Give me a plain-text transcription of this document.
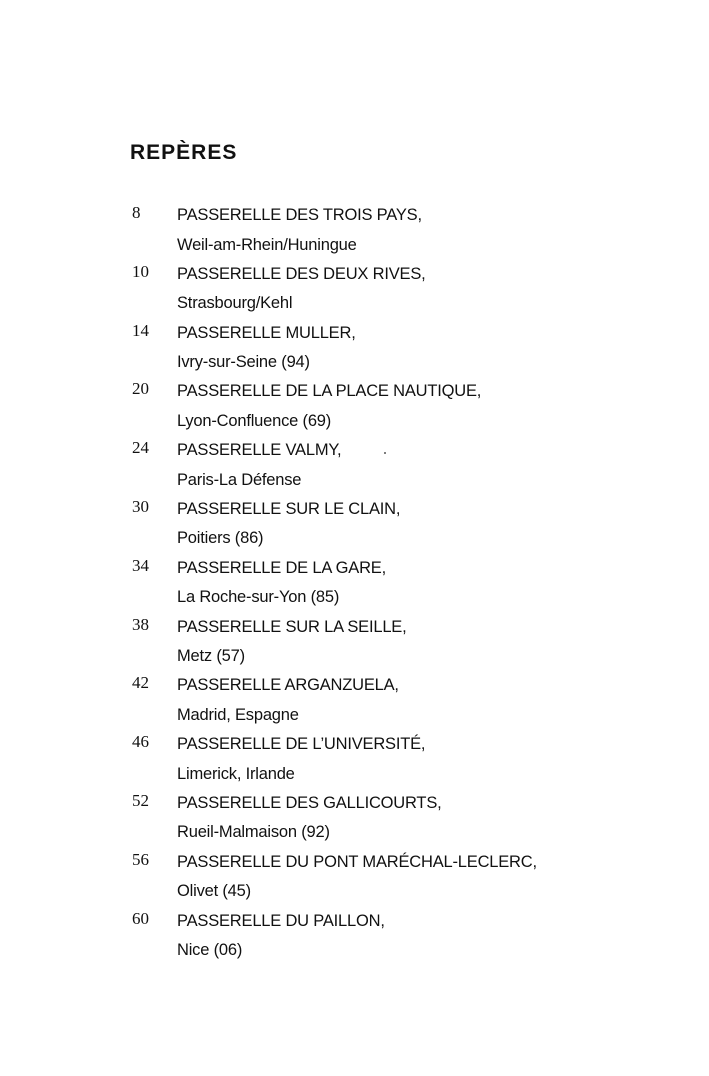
REPÈRES
8 PASSERELLE DES TROIS PAYS,
Weil-am-Rhein/Huningue
10 PASSERELLE DES DEUX RIVES,
Strasbourg/Kehl
14 PASSERELLE MULLER,
Ivry-sur-Seine (94)
20 PASSERELLE DE LA PLACE NAUTIQUE,
Lyon-Confluence (69)
24 PASSERELLE VALMY,
Paris-La Défense
30 PASSERELLE SUR LE CLAIN,
Poitiers (86)
34 PASSERELLE DE LA GARE,
La Roche-sur-Yon (85)
38 PASSERELLE SUR LA SEILLE,
Metz (57)
42 PASSERELLE ARGANZUELA,
Madrid, Espagne
46 PASSERELLE DE L’UNIVERSITÉ,
Limerick, Irlande
52 PASSERELLE DES GALLICOURTS,
Rueil-Malmaison (92)
56 PASSERELLE DU PONT MARÉCHAL-LECLERC,
Olivet (45)
60 PASSERELLE DU PAILLON,
Nice (06)
